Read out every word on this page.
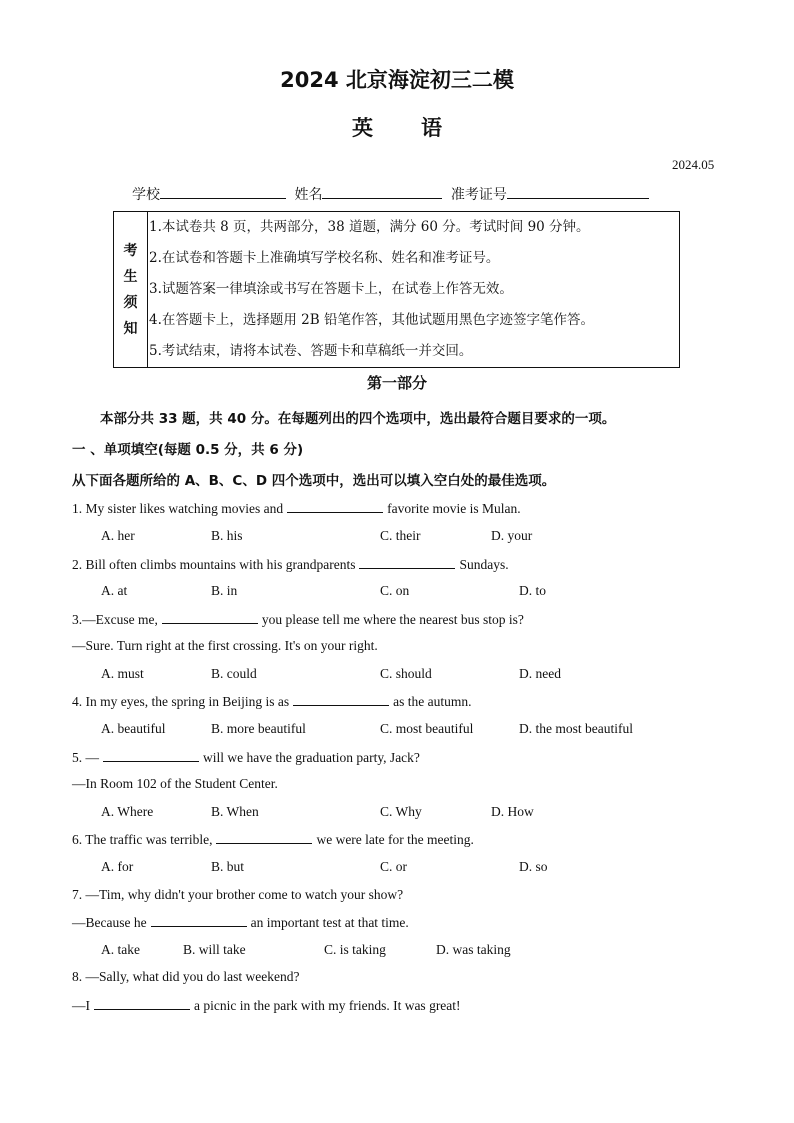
2024 北京海淀初三二模
英 语
2024.05
学校	姓名	准考证号
考
生
须
知
1.本试卷共 8 页，共两部分，38 道题，满分 60 分。考试时间 90 分钟。
2.在试卷和答题卡上准确填写学校名称、姓名和准考证号。
3.试题答案一律填涂或书写在答题卡上，在试卷上作答无效。
4.在答题卡上，选择题用 2B 铅笔作答，其他试题用黑色字迹签字笔作答。
5.考试结束，请将本试卷、答题卡和草稿纸一并交回。
第一部分
本部分共 33 题，共 40 分。在每题列出的四个选项中，选出最符合题目要求的一项。
一 、单项填空(每题 0.5 分，共 6 分)
从下面各题所给的 A、B、C、D 四个选项中，选出可以填入空白处的最佳选项。
1. My sister likes watching movies and	favorite movie is Mulan.
A. her	B. his	C. their	D. your
2. Bill often climbs mountains with his grandparents	Sundays.
A. at	B. in	C. on	D. to
3.—Excuse me,	you please tell me where the nearest bus stop is?
—Sure. Turn right at the first crossing. It's on your right.
A. must	B. could	C. should	D. need
4. In my eyes, the spring in Beijing is as	as the autumn.
A. beautiful	B. more beautiful	C. most beautiful	D. the most beautiful
5. —	will we have the graduation party, Jack?
—In Room 102 of the Student Center.
A. Where	B. When	C. Why	D. How
6. The traffic was terrible,	we were late for the meeting.
A. for	B. but	C. or	D. so
7. —Tim, why didn't your brother come to watch your show?
—Because he	an important test at that time.
A. take	B. will take	C. is taking	D. was taking
8. —Sally, what did you do last weekend?
—I	a picnic in the park with my friends. It was great!
